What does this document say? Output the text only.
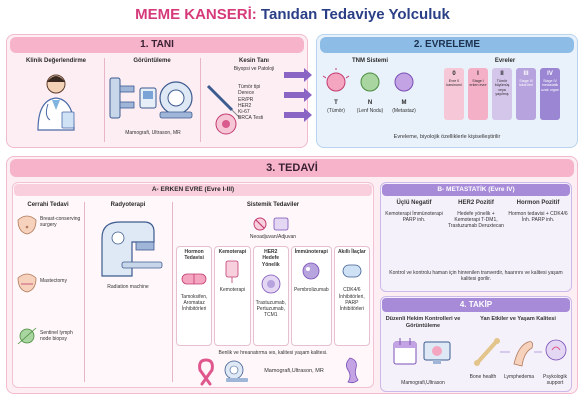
MEME KANSERİ: Tanıdan Tedaviye Yolculuk
1. TANI
Klinik Değerlendirme	Görüntüleme
Mamografi, Ultrason, MR
Kesin Tanı
Biyopsi ve Patoloji
Tümör tipi
Derece
ER/PR
HER2
Ki-67
BRCA Testi
2. EVRELEME
TNM Sistemi
T	N	M
(Tümör)	(Lenf Nodu)	(Metastaz)
Evreler
0
Evre 0 karsinomi
I
Stage I erken evre
II
Tümör büyümüş veya yayılmış
III
Stage III lokal ileri
IV
Stage IV metastatik uzak organ
Evreleme, biyolojik özelliklerle kişiselleştirilir
3. TEDAVİ
A- ERKEN EVRE (Evre I-III)
Cerrahi Tedavi
Breast-conserving surgery
Mastectomy
Sentinel lymph node biopsy
Radyoterapi
Radiation machine
Sistemik Tedaviler
Neoadjuvan/Adjuvan
Hormon Tedavisi
Tamoksifen, Aromataz İnhibitörleri
Kemoterapi
Kemoterapi
HER2 Hedefe Yönelik
Trastuzumab, Pertuzumab, TCM1
İmmünoterapi
Pembrolizumab
Akıllı İlaçlar
CDK4/6 İnhibitörleri, PARP İnhibitörleri
Benlik ve hreanatırma ıes, kalitesi yaşam kalitesi.
Mamografi,Ultrason, MR
B- METASTATİK (Evre IV)
Üçlü Negatif
Kemoterapi İmmünoterapi PARP inh.
HER2 Pozitif
Hedefe yönelik + Kemoterapi T-DM1, Trastuzumab Deruxtecan
Hormon Pozitif
Hormon tedavisi + CDK4/6 İnh. PARP inh.
Kontrol ve kontrolu haman için hinrenilen tranverdir, haarırını ve kalitesi yaşam kalitesi gorilir.
4. TAKİP
Düzenli Hekim Kontrolleri ve Görüntüleme
Yan Etkiler ve Yaşam Kalitesi
Mamografi,Ultrason
Bone health	Lymphedema	Psykologik support
